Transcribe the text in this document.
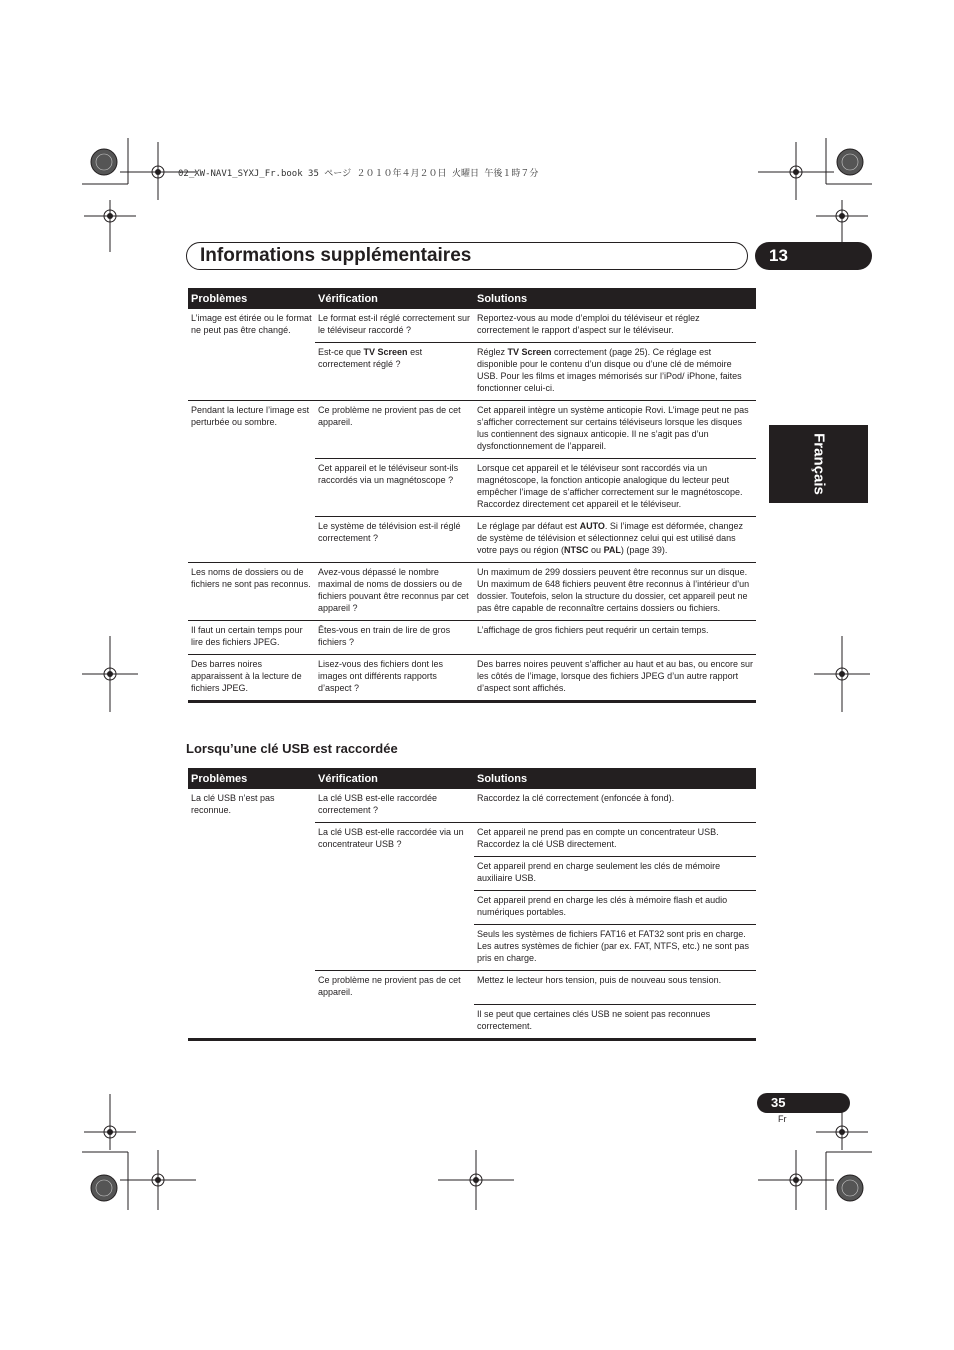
02_XW-NAV1_SYXJ_Fr.book 35 ページ ２０１０年４月２０日 火曜日 午後１時７分
Informations supplémentaires	13
Français
Problèmes	Vérification	Solutions
L’image est étirée ou le format ne peut pas être changé.	Le format est-il réglé correctement sur le téléviseur raccordé ?	Reportez-vous au mode d’emploi du téléviseur et réglez correctement le rapport d’aspect sur le téléviseur.
	Est-ce que TV Screen est correctement réglé ?	Réglez TV Screen correctement (page 25). Ce réglage est disponible pour le contenu d’un disque ou d’une clé de mémoire USB. Pour les films et images mémorisés sur l’iPod/ iPhone, faites fonctionner celui-ci.
Pendant la lecture l’image est perturbée ou sombre.	Ce problème ne provient pas de cet appareil.	Cet appareil intègre un système anticopie Rovi. L’image peut ne pas s’afficher correctement sur certains téléviseurs lorsque les disques lus contiennent des signaux anticopie. Il ne s’agit pas d’un dysfonctionnement de l’appareil.
	Cet appareil et le téléviseur sont-ils raccordés via un magnétoscope ?	Lorsque cet appareil et le téléviseur sont raccordés via un magnétoscope, la fonction anticopie analogique du lecteur peut empêcher l’image de s’afficher correctement sur le magnétoscope. Raccordez directement cet appareil et le téléviseur.
	Le système de télévision est-il réglé correctement ?	Le réglage par défaut est AUTO. Si l’image est déformée, changez de système de télévision et sélectionnez celui qui est utilisé dans votre pays ou région (NTSC ou PAL) (page 39).
Les noms de dossiers ou de fichiers ne sont pas reconnus.	Avez-vous dépassé le nombre maximal de noms de dossiers ou de fichiers pouvant être reconnus par cet appareil ?	Un maximum de 299 dossiers peuvent être reconnus sur un disque. Un maximum de 648 fichiers peuvent être reconnus à l’intérieur d’un dossier. Toutefois, selon la structure du dossier, cet appareil peut ne pas être capable de reconnaître certains dossiers ou fichiers.
Il faut un certain temps pour lire des fichiers JPEG.	Êtes-vous en train de lire de gros fichiers ?	L’affichage de gros fichiers peut requérir un certain temps.
Des barres noires apparaissent à la lecture de fichiers JPEG.	Lisez-vous des fichiers dont les images ont différents rapports d’aspect ?	Des barres noires peuvent s’afficher au haut et au bas, ou encore sur les côtés de l’image, lorsque des fichiers JPEG d’un autre rapport d’aspect sont affichés.
Lorsqu’une clé USB est raccordée
Problèmes	Vérification	Solutions
La clé USB n’est pas reconnue.	La clé USB est-elle raccordée correctement ?	Raccordez la clé correctement (enfoncée à fond).
	La clé USB est-elle raccordée via un concentrateur USB ?	Cet appareil ne prend pas en compte un concentrateur USB. Raccordez la clé USB directement.
		Cet appareil prend en charge seulement les clés de mémoire auxiliaire USB.
		Cet appareil prend en charge les clés à mémoire flash et audio numériques portables.
		Seuls les systèmes de fichiers FAT16 et FAT32 sont pris en charge. Les autres systèmes de fichier (par ex. FAT, NTFS, etc.) ne sont pas pris en charge.
	Ce problème ne provient pas de cet appareil.	Mettez le lecteur hors tension, puis de nouveau sous tension.
		Il se peut que certaines clés USB ne soient pas reconnues correctement.
35
Fr
